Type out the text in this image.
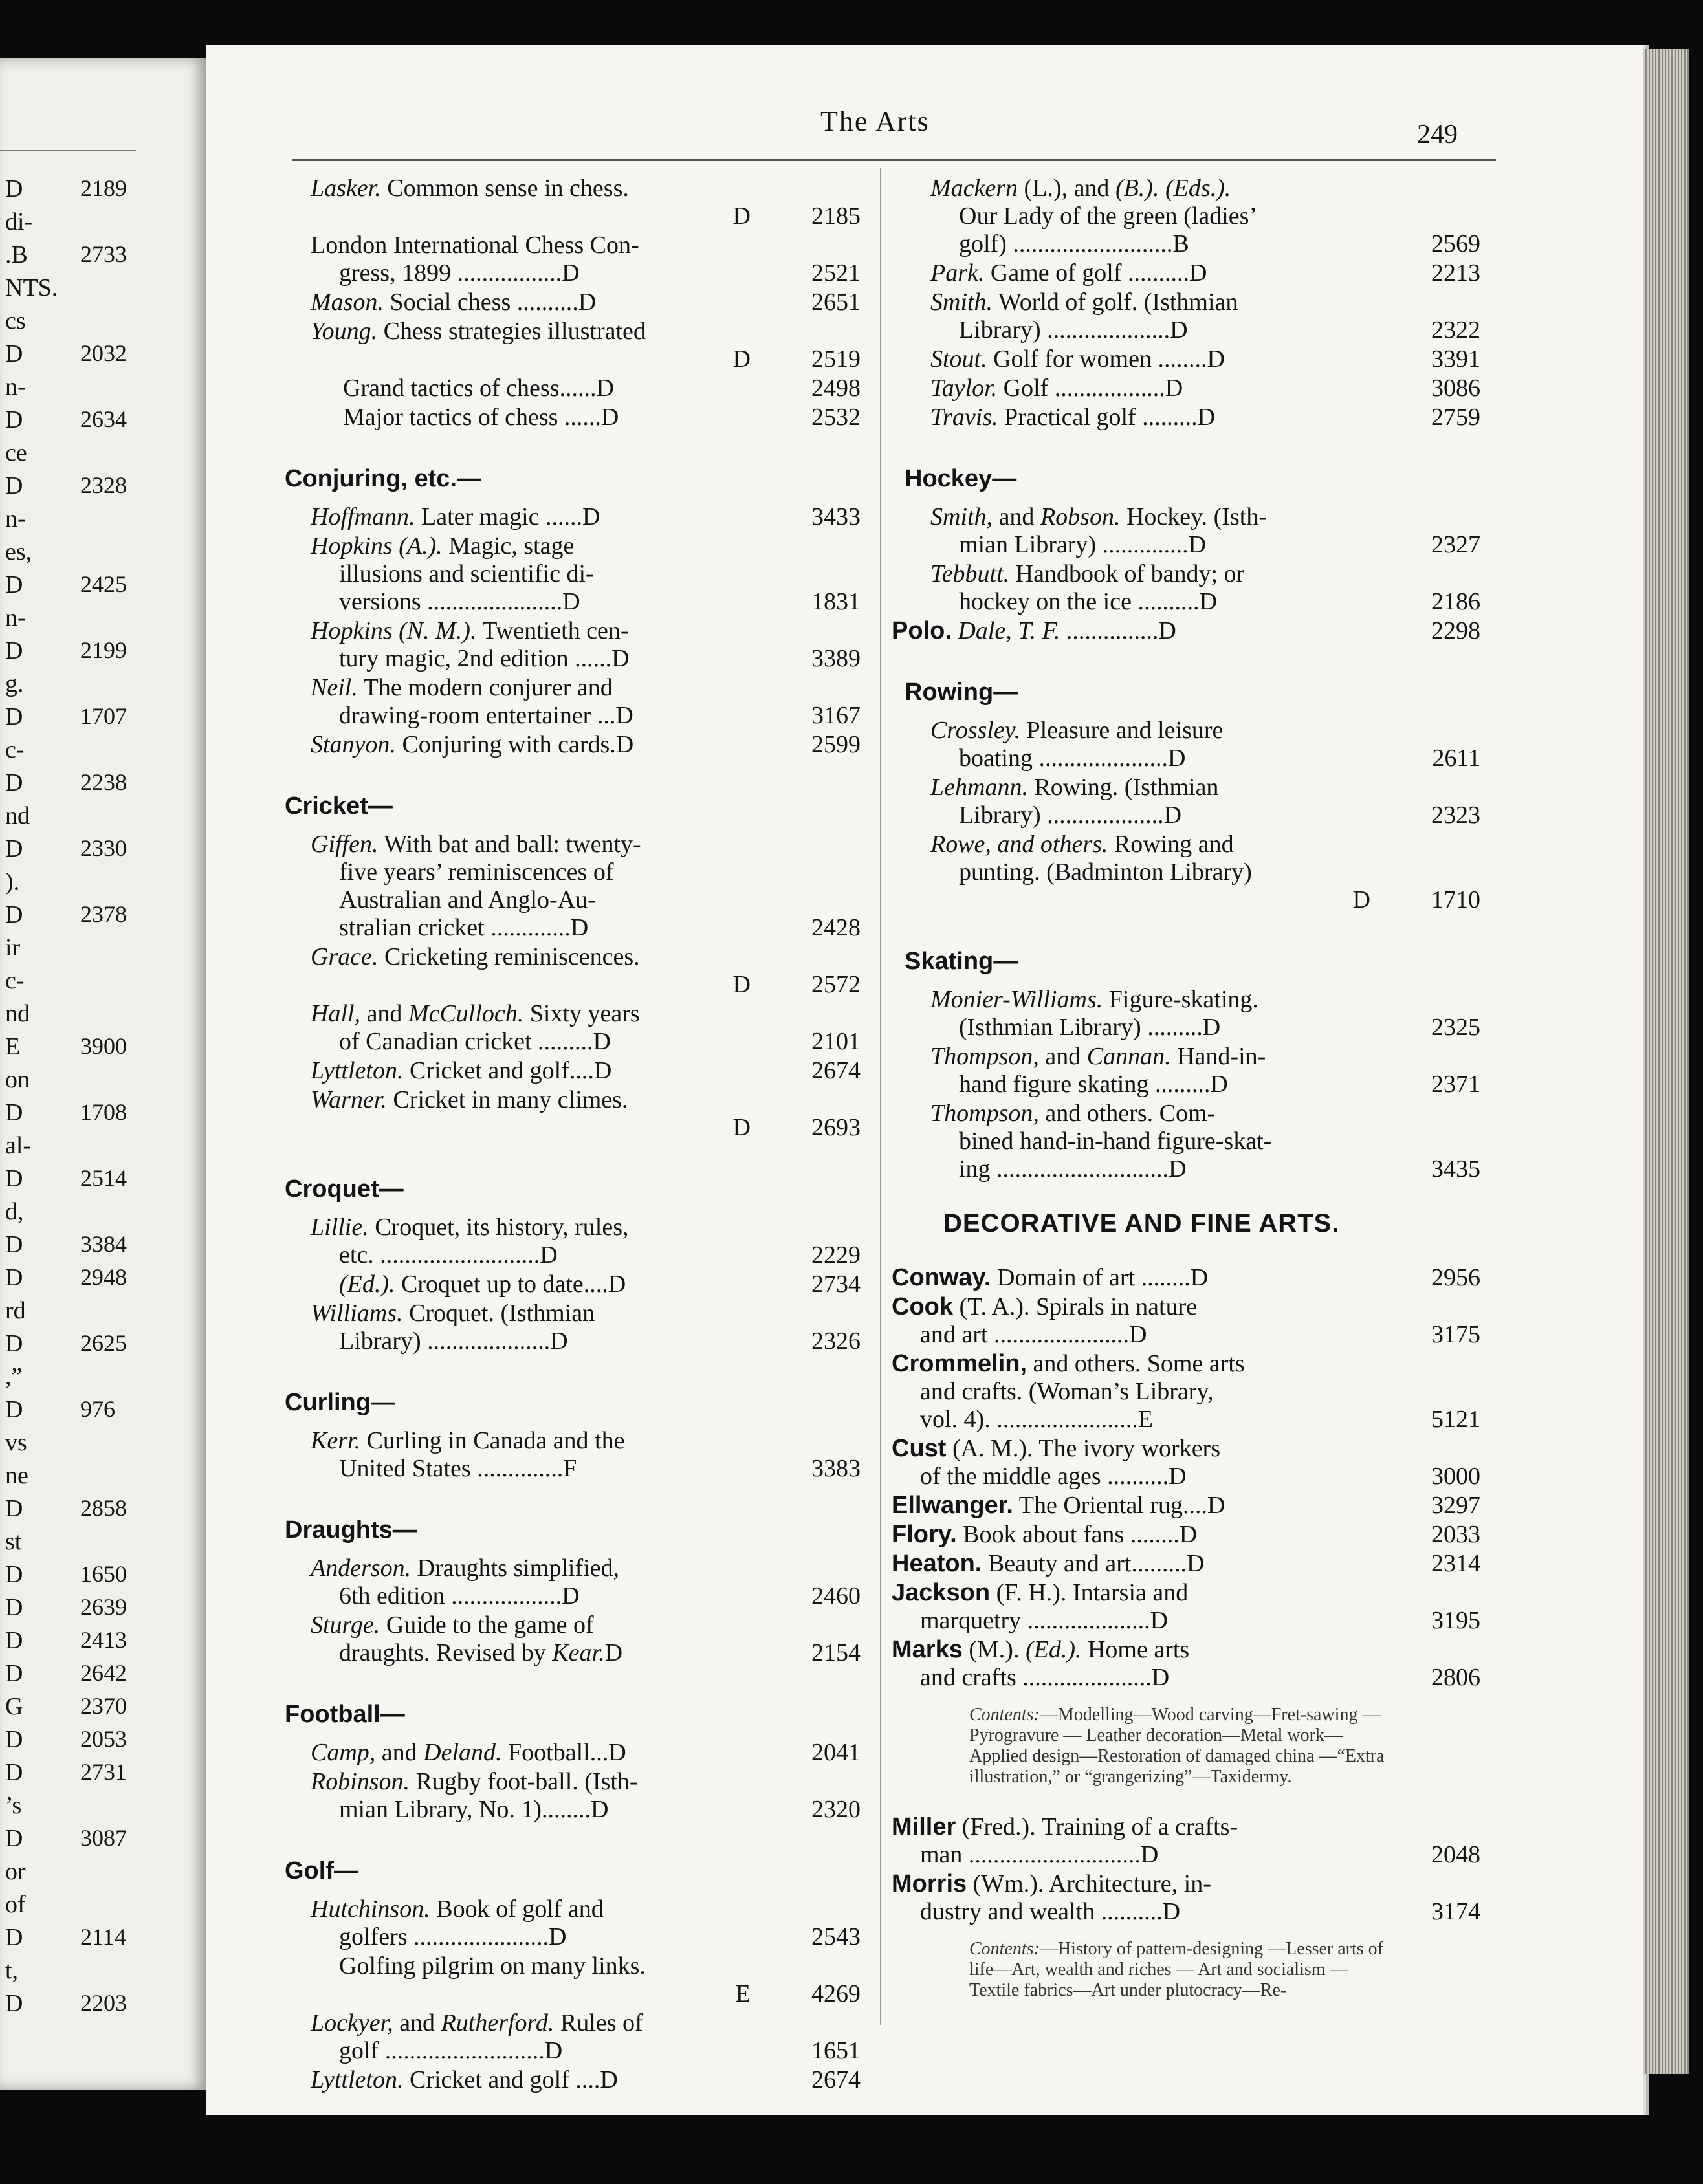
D 2189
di-
.B 2733
NTS.
cs
D 2032
n-
D 2634
ce
D 2328
n-
es,
D 2425
n-
D 2199
g.
D 1707
c-
D 2238
nd
D 2330
).
D 2378
ir
c-
nd
E	3900
on
D 1708
al-
D 2514
d,
D 3384
D 2948
rd
D 2625
,”
D 976
vs
ne
D 2858
st
D 1650
D 2639
D 2413
D 2642
G 2370
D 2053
D 2731
’s
D 3087
or
of
D 2114
t,
D 2203
The Arts	249
Lasker. Common sense in chess.
D 2185
London International Chess Con-
gress, 1899 .................D	2521
Mason. Social chess ..........D	2651
Young. Chess strategies illustrated
D 2519
Grand tactics of chess......D	2498
Major tactics of chess ......D	2532
Conjuring, etc.—
Hoffmann. Later magic ......D	3433
Hopkins (A.). Magic, stage
illusions and scientific di-
versions ......................D	1831
Hopkins (N. M.). Twentieth cen-
tury magic, 2nd edition ......D	3389
Neil. The modern conjurer and
drawing-room entertainer ...D	3167
Stanyon. Conjuring with cards.D	2599
Cricket—
Giffen. With bat and ball: twenty-
five years’ reminiscences of
Australian and Anglo-Au-
stralian cricket .............D	2428
Grace. Cricketing reminiscences.
D 2572
Hall, and McCulloch. Sixty years
of Canadian cricket .........D	2101
Lyttleton. Cricket and golf....D	2674
Warner. Cricket in many climes.
D 2693
Croquet—
Lillie. Croquet, its history, rules,
etc. ..........................D	2229
(Ed.). Croquet up to date....D	2734
Williams. Croquet. (Isthmian
Library) ....................D	2326
Curling—
Kerr. Curling in Canada and the
United States ..............F	3383
Draughts—
Anderson. Draughts simplified,
6th edition ..................D	2460
Sturge. Guide to the game of
draughts. Revised by Kear.D	2154
Football—
Camp, and Deland. Football...D	2041
Robinson. Rugby foot-ball. (Isth-
mian Library, No. 1)........D	2320
Golf—
Hutchinson. Book of golf and
golfers ......................D	2543
Golfing pilgrim on many links.
E 4269
Lockyer, and Rutherford. Rules of
golf ..........................D	1651
Lyttleton. Cricket and golf ....D	2674
Mackern (L.), and (B.). (Eds.).
Our Lady of the green (ladies’
golf) ..........................B	2569
Park. Game of golf ..........D	2213
Smith. World of golf. (Isthmian
Library) ....................D	2322
Stout. Golf for women ........D	3391
Taylor. Golf ..................D	3086
Travis. Practical golf .........D	2759
Hockey—
Smith, and Robson. Hockey. (Isth-
mian Library) ..............D	2327
Tebbutt. Handbook of bandy; or
hockey on the ice ..........D	2186
Polo. Dale, T. F. ...............D	2298
Rowing—
Crossley. Pleasure and leisure
boating .....................D	2611
Lehmann. Rowing. (Isthmian
Library) ...................D	2323
Rowe, and others. Rowing and
punting. (Badminton Library)
D 1710
Skating—
Monier-Williams. Figure-skating.
(Isthmian Library) .........D	2325
Thompson, and Cannan. Hand-in-
hand figure skating .........D	2371
Thompson, and others. Com-
bined hand-in-hand figure-skat-
ing ............................D	3435
DECORATIVE AND FINE ARTS.
Conway. Domain of art ........D	2956
Cook (T. A.). Spirals in nature
and art ......................D	3175
Crommelin, and others. Some arts
and crafts. (Woman’s Library,
vol. 4). .......................E	5121
Cust (A. M.). The ivory workers
of the middle ages ..........D	3000
Ellwanger. The Oriental rug....D	3297
Flory. Book about fans ........D	2033
Heaton. Beauty and art.........D	2314
Jackson (F. H.). Intarsia and
marquetry ....................D	3195
Marks (M.). (Ed.). Home arts
and crafts .....................D	2806
Contents:—Modelling—Wood carving—Fret-sawing — Pyrogravure — Leather decoration—Metal work—Applied design—Restoration of damaged china —“Extra illustration,” or “grangerizing”—Taxidermy.
Miller (Fred.). Training of a crafts-
man ............................D	2048
Morris (Wm.). Architecture, in-
dustry and wealth ..........D	3174
Contents:—History of pattern-designing —Lesser arts of life—Art, wealth and riches — Art and socialism — Textile fabrics—Art under plutocracy—Re-
